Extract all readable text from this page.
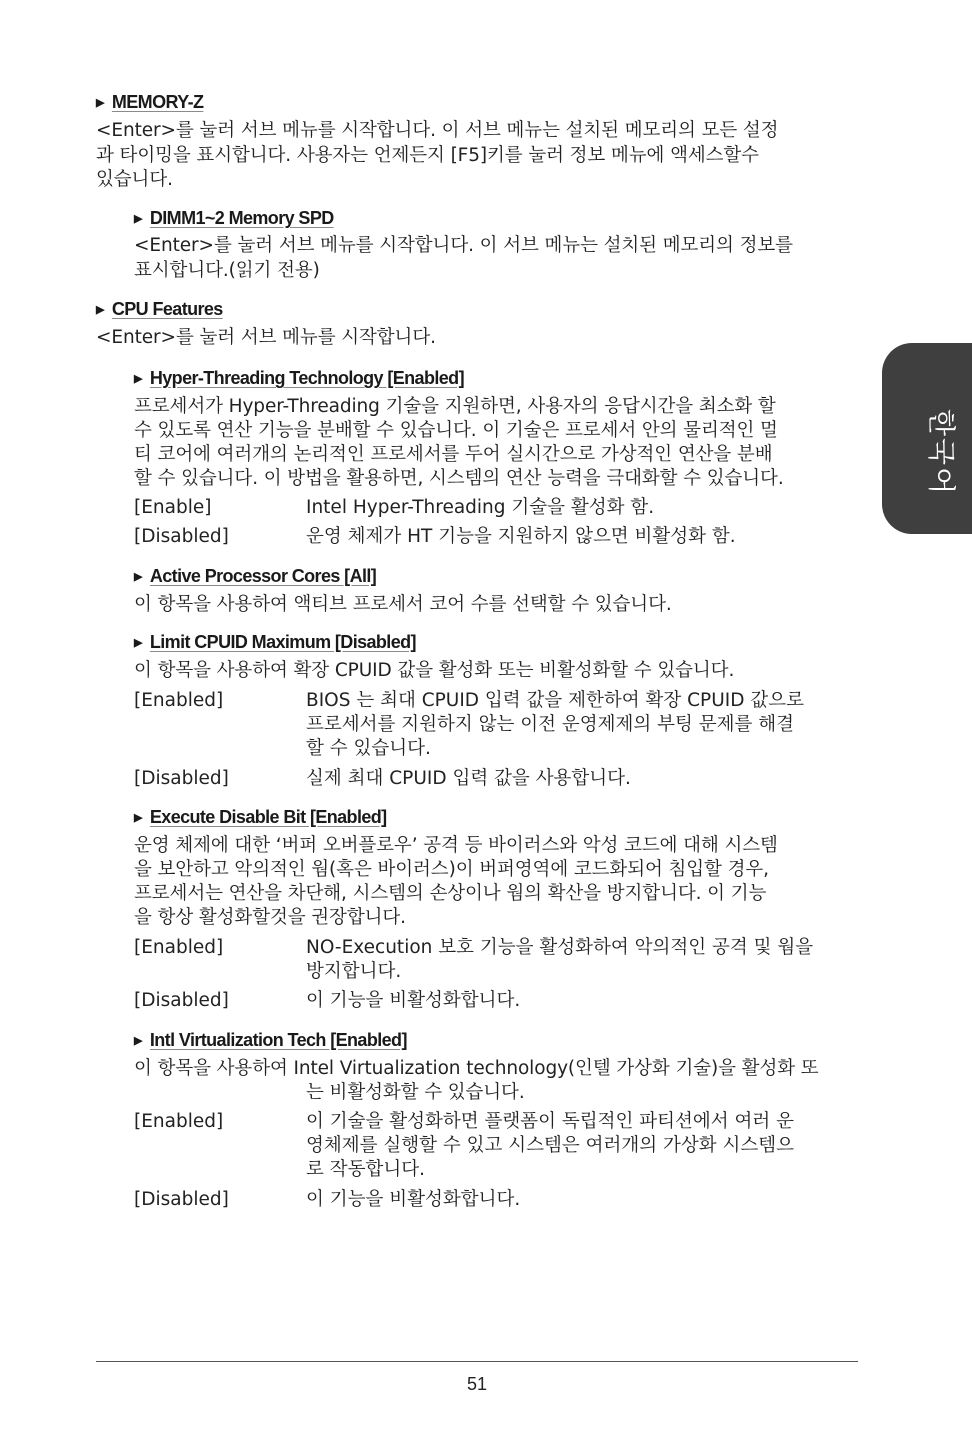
한국어
▶ MEMORY-Z
<Enter>를 눌러 서브 메뉴를 시작합니다. 이 서브 메뉴는 설치된 메모리의 모든 설정
과 타이밍을 표시합니다. 사용자는 언제든지 [F5]키를 눌러 정보 메뉴에 액세스할수
있습니다.
▶ DIMM1~2 Memory SPD
<Enter>를 눌러 서브 메뉴를 시작합니다. 이 서브 메뉴는 설치된 메모리의 정보를
표시합니다.(읽기 전용)
▶ CPU Features
<Enter>를 눌러 서브 메뉴를 시작합니다.
▶ Hyper-Threading Technology [Enabled]
프로세서가 Hyper-Threading 기술을 지원하면, 사용자의 응답시간을 최소화 할
수 있도록 연산 기능을 분배할 수 있습니다. 이 기술은 프로세서 안의 물리적인 멀
티 코어에 여러개의 논리적인 프로세서를 두어 실시간으로 가상적인 연산을 분배
할 수 있습니다. 이 방법을 활용하면, 시스템의 연산 능력을 극대화할 수 있습니다.
[Enable]	Intel Hyper-Threading 기술을 활성화 함.
[Disabled]	운영 체제가 HT 기능을 지원하지 않으면 비활성화 함.
▶ Active Processor Cores [All]
이 항목을 사용하여 액티브 프로세서 코어 수를 선택할 수 있습니다.
▶ Limit CPUID Maximum [Disabled]
이 항목을 사용하여 확장 CPUID 값을 활성화 또는 비활성화할 수 있습니다.
[Enabled]	BIOS 는 최대 CPUID 입력 값을 제한하여 확장 CPUID 값으로
프로세서를 지원하지 않는 이전 운영제제의 부팅 문제를 해결
할 수 있습니다.
[Disabled]	실제 최대 CPUID 입력 값을 사용합니다.
▶ Execute Disable Bit [Enabled]
운영 체제에 대한 ‘버퍼 오버플로우’ 공격 등 바이러스와 악성 코드에 대해 시스템
을 보안하고 악의적인 웜(혹은 바이러스)이 버퍼영역에 코드화되어 침입할 경우,
프로세서는 연산을 차단해, 시스템의 손상이나 웜의 확산을 방지합니다. 이 기능
을 항상 활성화할것을 권장합니다.
[Enabled]	NO-Execution 보호 기능을 활성화하여 악의적인 공격 및 웜을
방지합니다.
[Disabled]	이 기능을 비활성화합니다.
▶ Intl Virtualization Tech [Enabled]
이 항목을 사용하여 Intel Virtualization technology(인텔 가상화 기술)을 활성화 또
는 비활성화할 수 있습니다.
[Enabled]	이 기술을 활성화하면 플랫폼이 독립적인 파티션에서 여러 운
영체제를 실행할 수 있고 시스템은 여러개의 가상화 시스템으
로 작동합니다.
[Disabled]	이 기능을 비활성화합니다.
51
